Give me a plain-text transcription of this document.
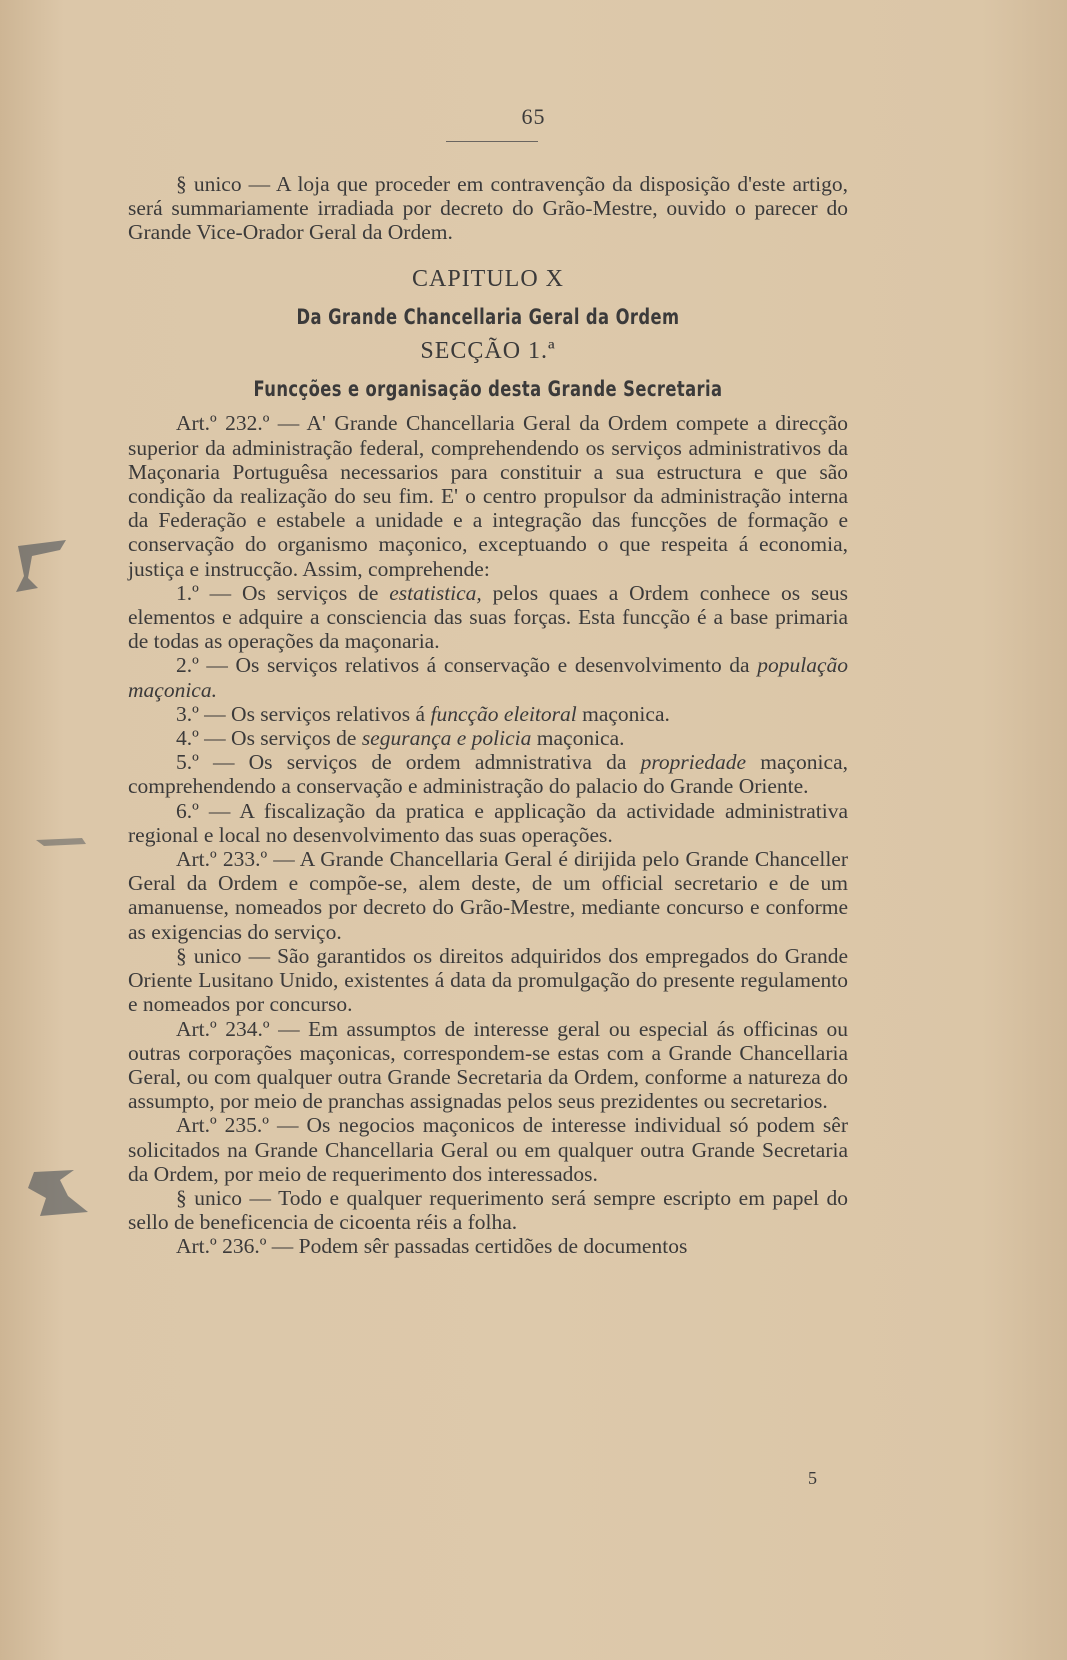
65

§ unico — A loja que proceder em contravenção da disposição d'este artigo, será summariamente irradiada por decreto do Grão-Mestre, ouvido o parecer do Grande Vice-Orador Geral da Ordem.

CAPITULO X

Da Grande Chancellaria Geral da Ordem

SECÇÃO 1.ª

Funcções e organisação desta Grande Secretaria

Art.º 232.º — A' Grande Chancellaria Geral da Ordem compete a direcção superior da administração federal, comprehendendo os serviços administrativos da Maçonaria Portuguêsa necessarios para constituir a sua estructura e que são condição da realização do seu fim. E' o centro propulsor da administração interna da Federação e estabele a unidade e a integração das funcções de formação e conservação do organismo maçonico, exceptuando o que respeita á economia, justiça e instrucção. Assim, comprehende:

1.º — Os serviços de estatistica, pelos quaes a Ordem conhece os seus elementos e adquire a consciencia das suas forças. Esta funcção é a base primaria de todas as operações da maçonaria.

2.º — Os serviços relativos á conservação e desenvolvimento da população maçonica.

3.º — Os serviços relativos á funcção eleitoral maçonica.

4.º — Os serviços de segurança e policia maçonica.

5.º — Os serviços de ordem admnistrativa da propriedade maçonica, comprehendendo a conservação e administração do palacio do Grande Oriente.

6.º — A fiscalização da pratica e applicação da actividade administrativa regional e local no desenvolvimento das suas operações.

Art.º 233.º — A Grande Chancellaria Geral é dirijida pelo Grande Chanceller Geral da Ordem e compõe-se, alem deste, de um official secretario e de um amanuense, nomeados por decreto do Grão-Mestre, mediante concurso e conforme as exigencias do serviço.

§ unico — São garantidos os direitos adquiridos dos empregados do Grande Oriente Lusitano Unido, existentes á data da promulgação do presente regulamento e nomeados por concurso.

Art.º 234.º — Em assumptos de interesse geral ou especial ás officinas ou outras corporações maçonicas, correspondem-se estas com a Grande Chancellaria Geral, ou com qualquer outra Grande Secretaria da Ordem, conforme a natureza do assumpto, por meio de pranchas assignadas pelos seus prezidentes ou secretarios.

Art.º 235.º — Os negocios maçonicos de interesse individual só podem sêr solicitados na Grande Chancellaria Geral ou em qualquer outra Grande Secretaria da Ordem, por meio de requerimento dos interessados.

§ unico — Todo e qualquer requerimento será sempre escripto em papel do sello de beneficencia de cicoenta réis a folha.

Art.º 236.º — Podem sêr passadas certidões de documentos

5
